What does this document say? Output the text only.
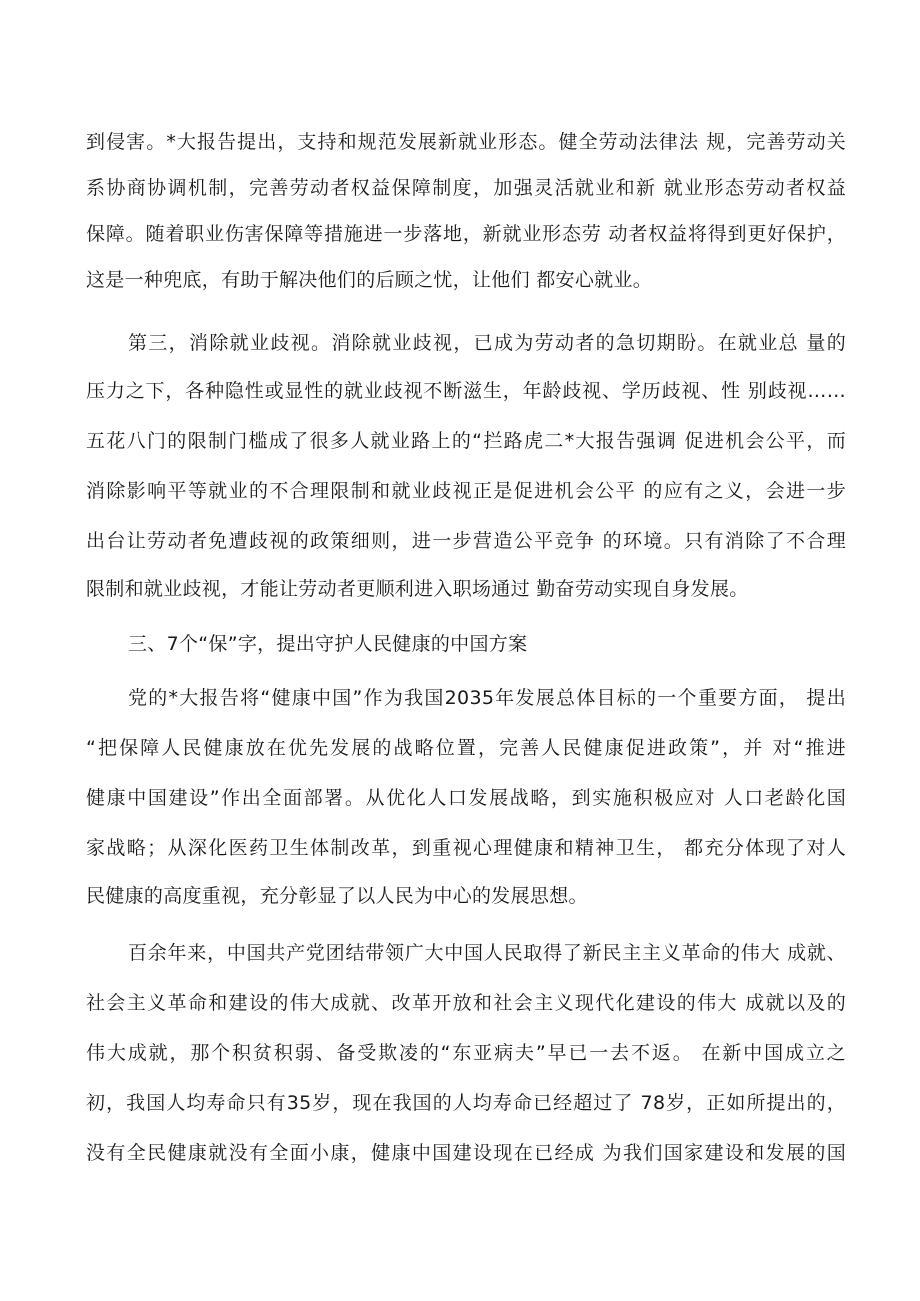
到侵害。*大报告提出，支持和规范发展新就业形态。健全劳动法律法 规，完善劳动关
系协商协调机制，完善劳动者权益保障制度，加强灵活就业和新 就业形态劳动者权益
保障。随着职业伤害保障等措施进一步落地，新就业形态劳 动者权益将得到更好保护，
这是一种兜底，有助于解决他们的后顾之忧，让他们 都安心就业。
第三，消除就业歧视。消除就业歧视，已成为劳动者的急切期盼。在就业总 量的
压力之下，各种隐性或显性的就业歧视不断滋生，年龄歧视、学历歧视、性 别歧视……
五花八门的限制门槛成了很多人就业路上的“拦路虎二*大报告强调 促进机会公平，而
消除影响平等就业的不合理限制和就业歧视正是促进机会公平 的应有之义，会进一步
出台让劳动者免遭歧视的政策细则，进一步营造公平竞争 的环境。只有消除了不合理
限制和就业歧视，才能让劳动者更顺利进入职场通过 勤奋劳动实现自身发展。
三、7个“保”字，提出守护人民健康的中国方案
党的*大报告将“健康中国”作为我国2035年发展总体目标的一个重要方面， 提出
“把保障人民健康放在优先发展的战略位置，完善人民健康促进政策”，并 对“推进
健康中国建设”作出全面部署。从优化人口发展战略，到实施积极应对 人口老龄化国
家战略；从深化医药卫生体制改革，到重视心理健康和精神卫生， 都充分体现了对人
民健康的高度重视，充分彰显了以人民为中心的发展思想。
百余年来，中国共产党团结带领广大中国人民取得了新民主主义革命的伟大 成就、
社会主义革命和建设的伟大成就、改革开放和社会主义现代化建设的伟大 成就以及的
伟大成就，那个积贫积弱、备受欺凌的“东亚病夫”早已一去不返。 在新中国成立之
初，我国人均寿命只有35岁，现在我国的人均寿命已经超过了 78岁，正如所提出的，
没有全民健康就没有全面小康，健康中国建设现在已经成 为我们国家建设和发展的国
